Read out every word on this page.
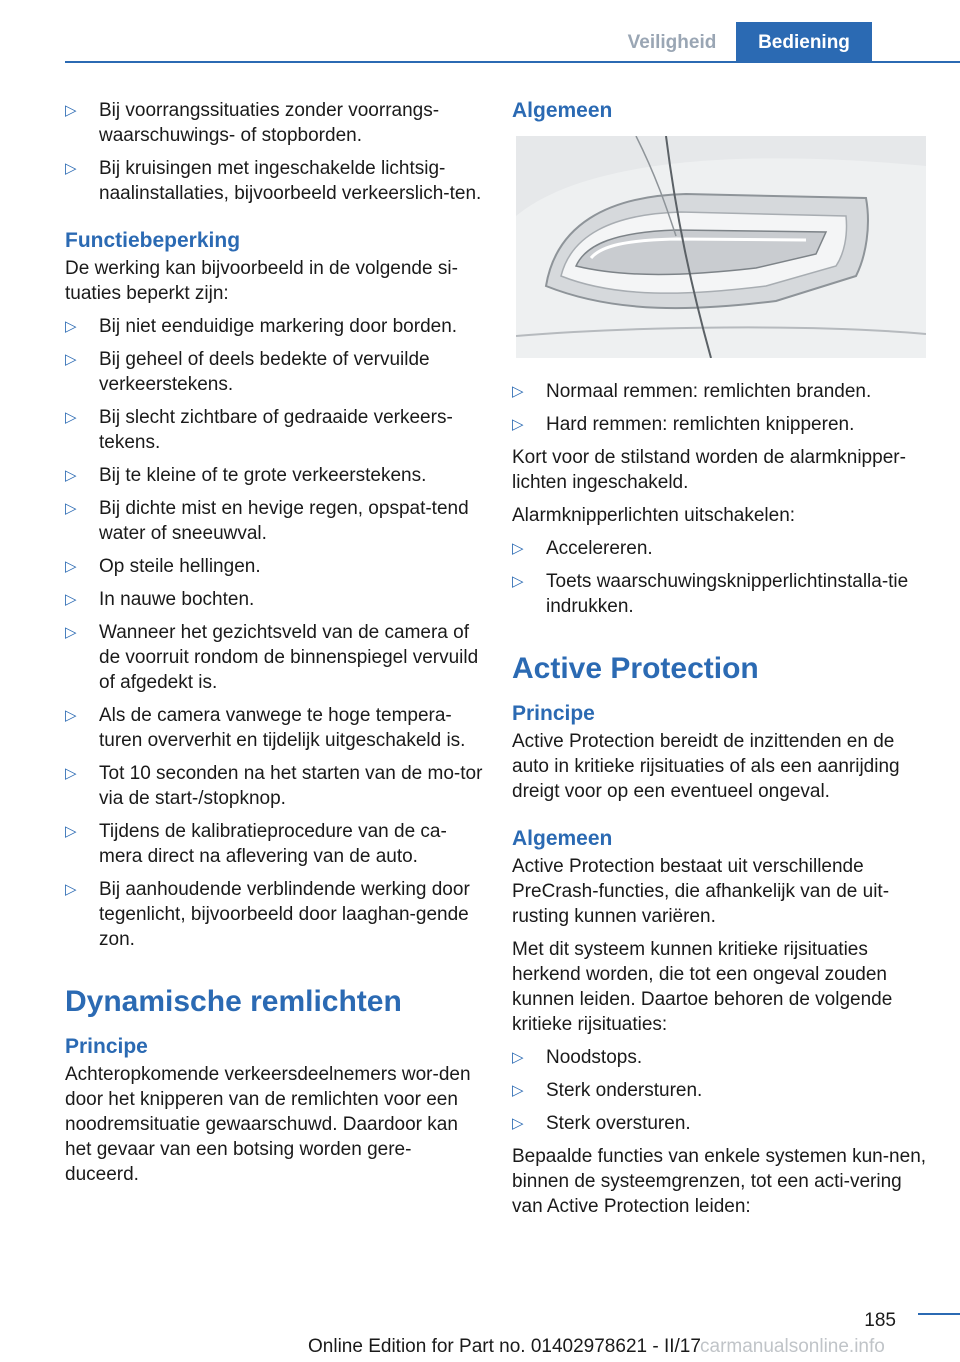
Veiligheid	Bediening
▷ Bij voorrangssituaties zonder voorrangs-waarschuwings- of stopborden.
▷ Bij kruisingen met ingeschakelde lichtsig-naalinstallaties, bijvoorbeeld verkeerslich-ten.
Functiebeperking

De werking kan bijvoorbeeld in de volgende si-tuaties beperkt zijn:

▷ Bij niet eenduidige markering door borden.
▷ Bij geheel of deels bedekte of vervuilde verkeerstekens.
▷ Bij slecht zichtbare of gedraaide verkeers-tekens.
▷ Bij te kleine of te grote verkeerstekens.
▷ Bij dichte mist en hevige regen, opspat-tend water of sneeuwval.
▷ Op steile hellingen.
▷ In nauwe bochten.
▷ Wanneer het gezichtsveld van de camera of de voorruit rondom de binnenspiegel vervuild of afgedekt is.
▷ Als de camera vanwege te hoge tempera-turen oververhit en tijdelijk uitgeschakeld is.
▷ Tot 10 seconden na het starten van de mo-tor via de start-/stopknop.
▷ Tijdens de kalibratieprocedure van de ca-mera direct na aflevering van de auto.
▷ Bij aanhoudende verblindende werking door tegenlicht, bijvoorbeeld door laaghan-gende zon.
Dynamische remlichten
Principe

Achteropkomende verkeersdeelnemers wor-den door het knipperen van de remlichten voor een noodremsituatie gewaarschuwd. Daardoor kan het gevaar van een botsing worden gere-duceerd.

Algemeen
▷ Normaal remmen: remlichten branden.
▷ Hard remmen: remlichten knipperen.

Kort voor de stilstand worden de alarmknipper-lichten ingeschakeld.

Alarmknipperlichten uitschakelen:

▷ Accelereren.
▷ Toets waarschuwingsknipperlichtinstalla-tie indrukken.
Active Protection
Principe

Active Protection bereidt de inzittenden en de auto in kritieke rijsituaties of als een aanrijding dreigt voor op een eventueel ongeval.

Algemeen

Active Protection bestaat uit verschillende PreCrash-functies, die afhankelijk van de uit-rusting kunnen variëren.

Met dit systeem kunnen kritieke rijsituaties herkend worden, die tot een ongeval zouden kunnen leiden. Daartoe behoren de volgende kritieke rijsituaties:

▷ Noodstops.
▷ Sterk ondersturen.
▷ Sterk oversturen.

Bepaalde functies van enkele systemen kun-nen, binnen de systeemgrenzen, tot een acti-vering van Active Protection leiden:

185
Online Edition for Part no. 01402978621 - II/17 carmanualsonline.info
